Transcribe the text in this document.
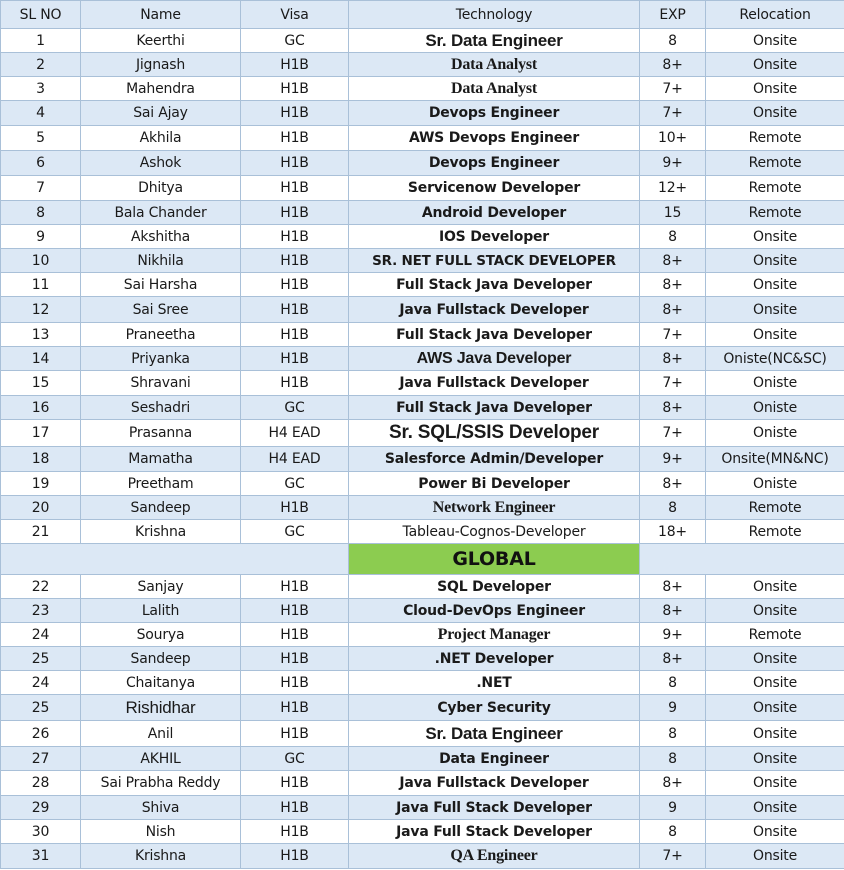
SL NO	Name	Visa	Technology	EXP	Relocation
1	Keerthi	GC	Sr. Data Engineer	8	Onsite
2	Jignash	H1B	Data Analyst	8+	Onsite
3	Mahendra	H1B	Data Analyst	7+	Onsite
4	Sai Ajay	H1B	Devops Engineer	7+	Onsite
5	Akhila	H1B	AWS Devops Engineer	10+	Remote
6	Ashok	H1B	Devops Engineer	9+	Remote
7	Dhitya	H1B	Servicenow Developer	12+	Remote
8	Bala Chander	H1B	Android Developer	15	Remote
9	Akshitha	H1B	IOS Developer	8	Onsite
10	Nikhila	H1B	SR. NET FULL STACK DEVELOPER	8+	Onsite
11	Sai Harsha	H1B	Full Stack Java Developer	8+	Onsite
12	Sai Sree	H1B	Java Fullstack Developer	8+	Onsite
13	Praneetha	H1B	Full Stack Java Developer	7+	Onsite
14	Priyanka	H1B	AWS Java Developer	8+	Oniste(NC&SC)
15	Shravani	H1B	Java Fullstack Developer	7+	Oniste
16	Seshadri	GC	Full Stack Java Developer	8+	Oniste
17	Prasanna	H4 EAD	Sr. SQL/SSIS Developer	7+	Oniste
18	Mamatha	H4 EAD	Salesforce Admin/Developer	9+	Onsite(MN&NC)
19	Preetham	GC	Power Bi Developer	8+	Oniste
20	Sandeep	H1B	Network Engineer	8	Remote
21	Krishna	GC	Tableau-Cognos-Developer	18+	Remote
			GLOBAL		
22	Sanjay	H1B	SQL Developer	8+	Onsite
23	Lalith	H1B	Cloud-DevOps Engineer	8+	Onsite
24	Sourya	H1B	Project Manager	9+	Remote
25	Sandeep	H1B	.NET Developer	8+	Onsite
24	Chaitanya	H1B	.NET	8	Onsite
25	Rishidhar	H1B	Cyber Security	9	Onsite
26	Anil	H1B	Sr. Data Engineer	8	Onsite
27	AKHIL	GC	Data Engineer	8	Onsite
28	Sai Prabha Reddy	H1B	Java Fullstack Developer	8+	Onsite
29	Shiva	H1B	Java Full Stack Developer	9	Onsite
30	Nish	H1B	Java Full Stack Developer	8	Onsite
31	Krishna	H1B	QA Engineer	7+	Onsite
